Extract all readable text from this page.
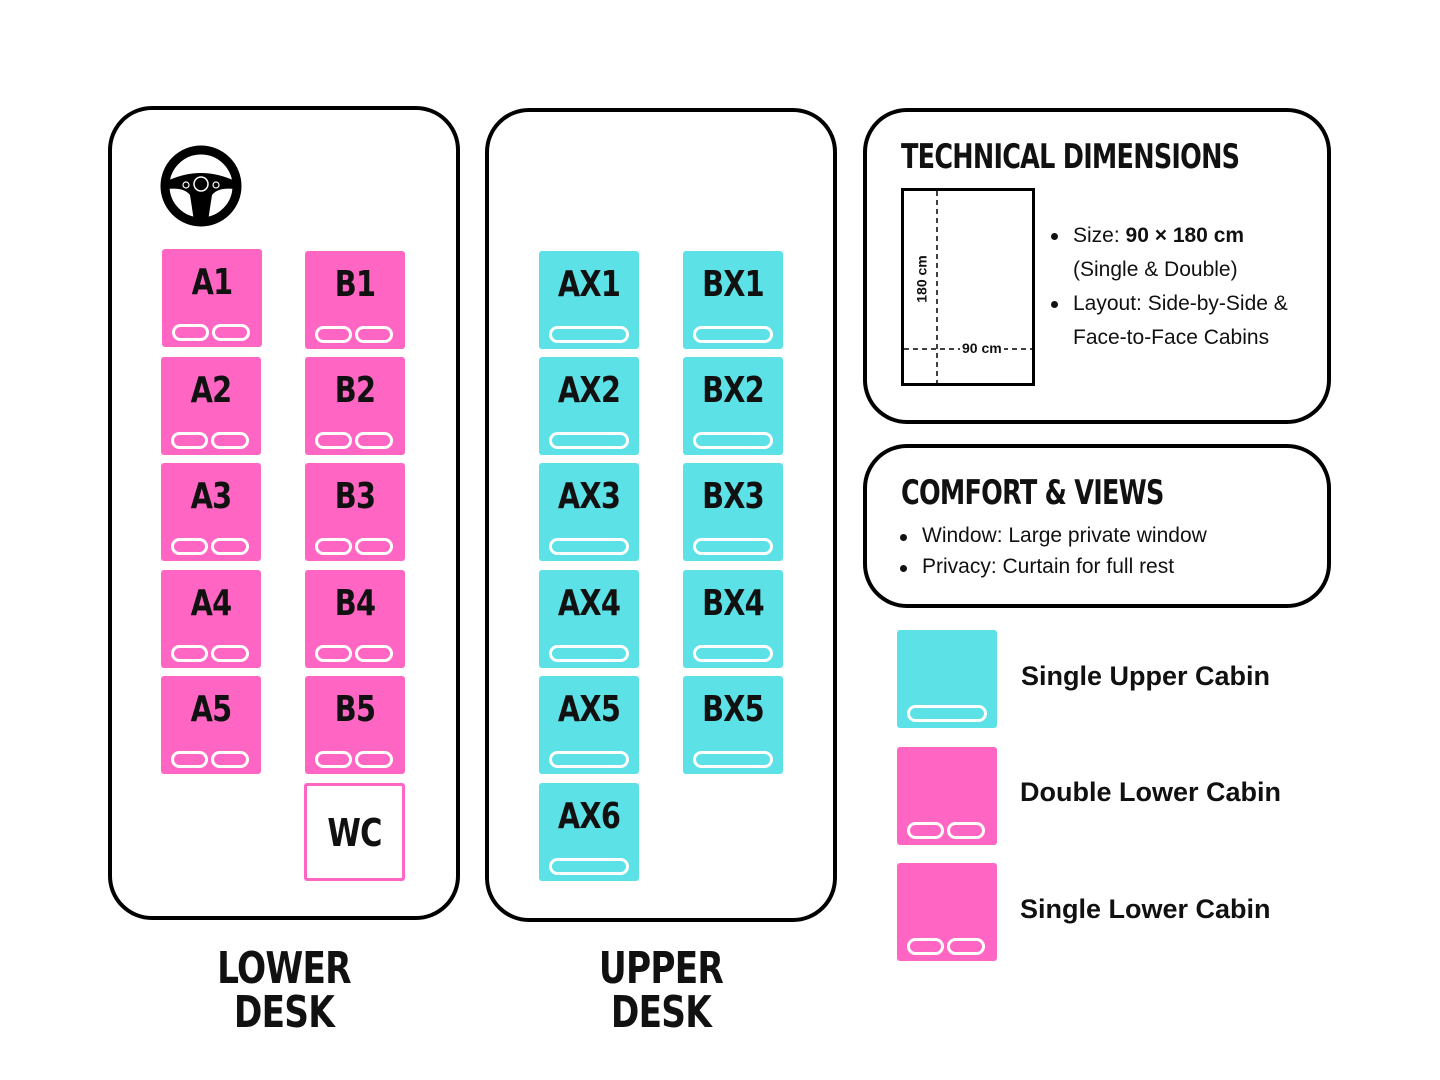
A1
A2
A3
A4
A5
B1
B2
B3
B4
B5
WC
LOWER DESK
AX1
AX2
AX3
AX4
AX5
AX6
BX1
BX2
BX3
BX4
BX5
UPPER DESK
TECHNICAL DIMENSIONS
180 cm
90 cm
Size: 90 × 180 cm
(Single & Double)
Layout: Side-by-Side &
Face-to-Face Cabins
COMFORT & VIEWS
Window: Large private window
Privacy: Curtain for full rest
Single Upper Cabin
Double Lower Cabin
Single Lower Cabin
